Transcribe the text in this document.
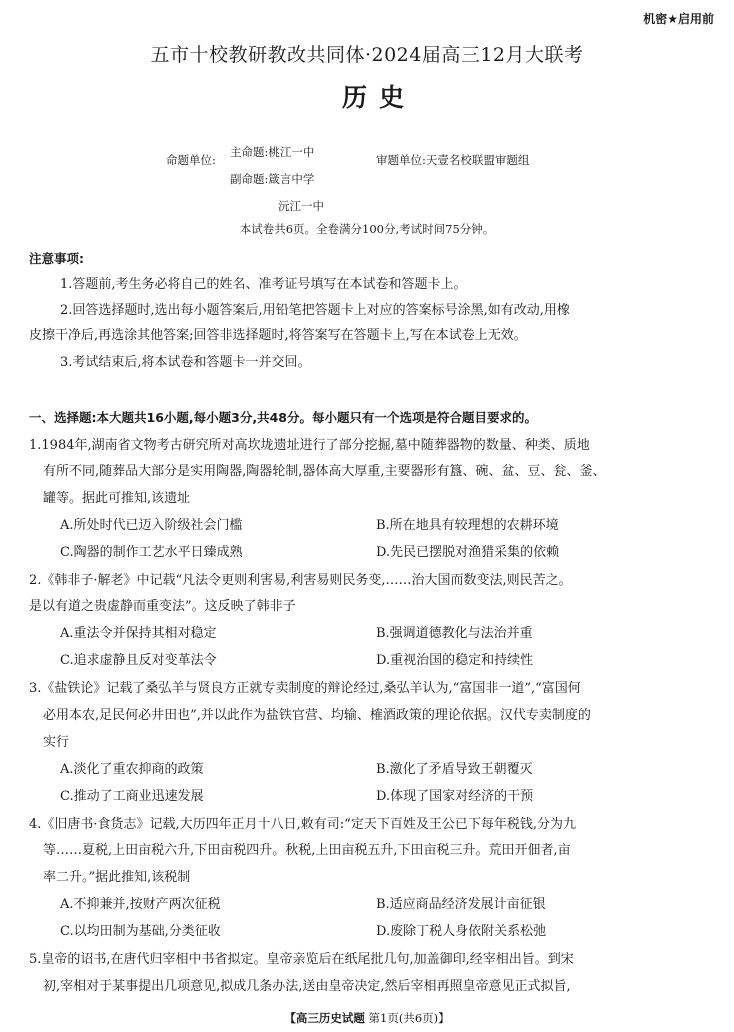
机密★启用前
五市十校教研教改共同体·2024届高三12月大联考
历史
命题单位:
主命题:桃江一中
副命题:箴言中学
沅江一中
审题单位:天壹名校联盟审题组
本试卷共6页。全卷满分100分,考试时间75分钟。
注意事项:
1.答题前,考生务必将自己的姓名、准考证号填写在本试卷和答题卡上。
2.回答选择题时,选出每小题答案后,用铅笔把答题卡上对应的答案标号涂黑,如有改动,用橡
皮擦干净后,再选涂其他答案;回答非选择题时,将答案写在答题卡上,写在本试卷上无效。
3.考试结束后,将本试卷和答题卡一并交回。
一、选择题:本大题共16小题,每小题3分,共48分。每小题只有一个选项是符合题目要求的。
1.1984年,湖南省文物考古研究所对高坎垅遗址进行了部分挖掘,墓中随葬器物的数量、种类、质地
有所不同,随葬品大部分是实用陶器,陶器轮制,器体高大厚重,主要器形有簋、碗、盆、豆、瓮、釜、
罐等。据此可推知,该遗址
A.所处时代已迈入阶级社会门槛	B.所在地具有较理想的农耕环境
C.陶器的制作工艺水平日臻成熟	D.先民已摆脱对渔猎采集的依赖
2.《韩非子·解老》中记载“凡法令更则利害易,利害易则民务变,……治大国而数变法,则民苦之。
是以有道之贵虚静而重变法”。这反映了韩非子
A.重法令并保持其相对稳定	B.强调道德教化与法治并重
C.追求虚静且反对变革法令	D.重视治国的稳定和持续性
3.《盐铁论》记载了桑弘羊与贤良方正就专卖制度的辩论经过,桑弘羊认为,“富国非一道”,“富国何
必用本农,足民何必井田也”,并以此作为盐铁官营、均输、榷酒政策的理论依据。汉代专卖制度的
实行
A.淡化了重农抑商的政策	B.激化了矛盾导致王朝覆灭
C.推动了工商业迅速发展	D.体现了国家对经济的干预
4.《旧唐书·食货志》记载,大历四年正月十八日,敕有司:“定天下百姓及王公已下每年税钱,分为九
等……夏税,上田亩税六升,下田亩税四升。秋税,上田亩税五升,下田亩税三升。荒田开佃者,亩
率二升。”据此推知,该税制
A.不抑兼并,按财产两次征税	B.适应商品经济发展计亩征银
C.以均田制为基础,分类征收	D.废除丁税人身依附关系松弛
5.皇帝的诏书,在唐代归宰相中书省拟定。皇帝亲览后在纸尾批几句,加盖御印,经宰相出旨。到宋
初,宰相对于某事提出几项意见,拟成几条办法,送由皇帝决定,然后宰相再照皇帝意见正式拟旨,
【高三历史试题 第1页(共6页)】
